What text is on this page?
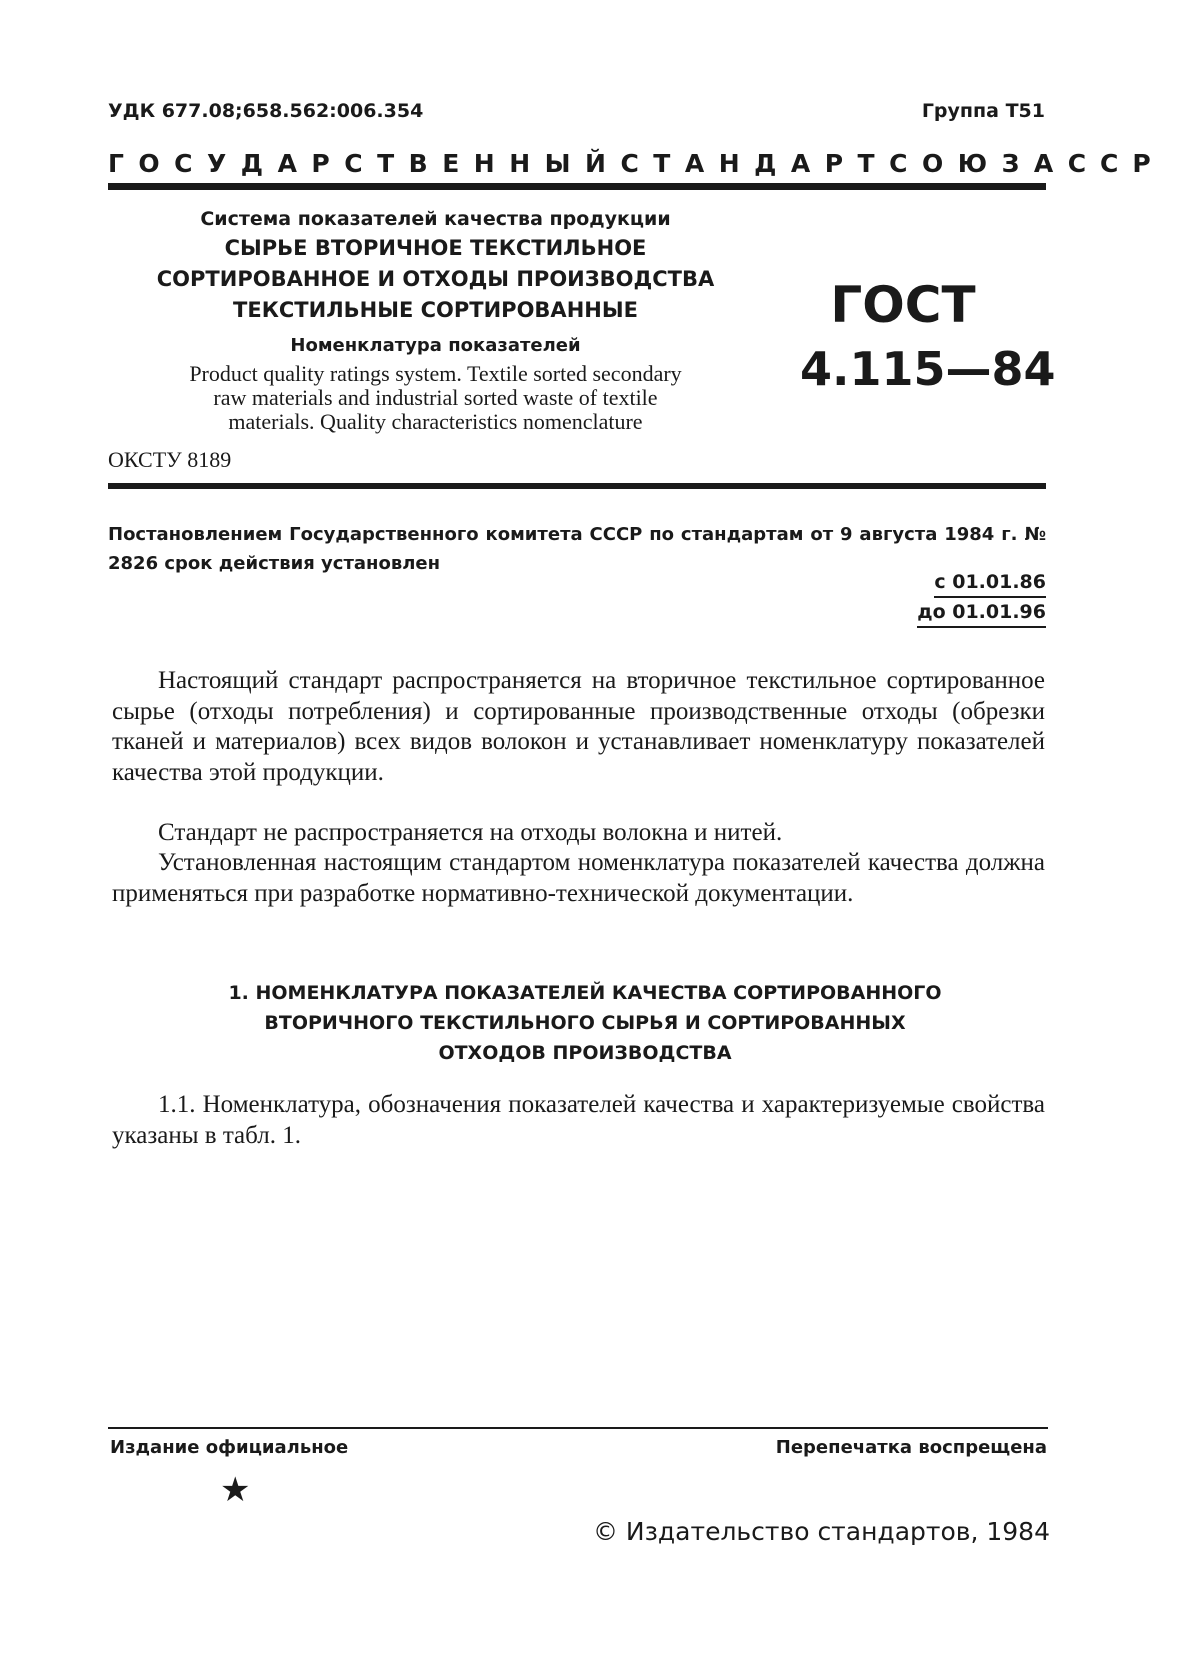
УДК 677.08;658.562:006.354	Группа Т51
ГОСУДАРСТВЕННЫЙ СТАНДАРТ СОЮЗА ССР
Система показателей качества продукции
СЫРЬЕ ВТОРИЧНОЕ ТЕКСТИЛЬНОЕ
СОРТИРОВАННОЕ И ОТХОДЫ ПРОИЗВОДСТВА
ТЕКСТИЛЬНЫЕ СОРТИРОВАННЫЕ
Номенклатура показателей
Product quality ratings system. Textile sorted secondary
raw materials and industrial sorted waste of textile
materials. Quality characteristics nomenclature
ОКСТУ 8189
ГОСТ
4.115—84
Постановлением Государственного комитета СССР по стандартам от 9 августа 1984 г. № 2826 срок действия установлен
с 01.01.86
до 01.01.96
Настоящий стандарт распространяется на вторичное текстильное сортированное сырье (отходы потребления) и сортированные производственные отходы (обрезки тканей и материалов) всех видов волокон и устанавливает номенклатуру показателей качества этой продукции.
Стандарт не распространяется на отходы волокна и нитей.
Установленная настоящим стандартом номенклатура показателей качества должна применяться при разработке нормативно-технической документации.
1. НОМЕНКЛАТУРА ПОКАЗАТЕЛЕЙ КАЧЕСТВА СОРТИРОВАННОГО
ВТОРИЧНОГО ТЕКСТИЛЬНОГО СЫРЬЯ И СОРТИРОВАННЫХ
ОТХОДОВ ПРОИЗВОДСТВА
1.1. Номенклатура, обозначения показателей качества и характеризуемые свойства указаны в табл. 1.
Издание официальное	Перепечатка воспрещена
★
© Издательство стандартов, 1984
